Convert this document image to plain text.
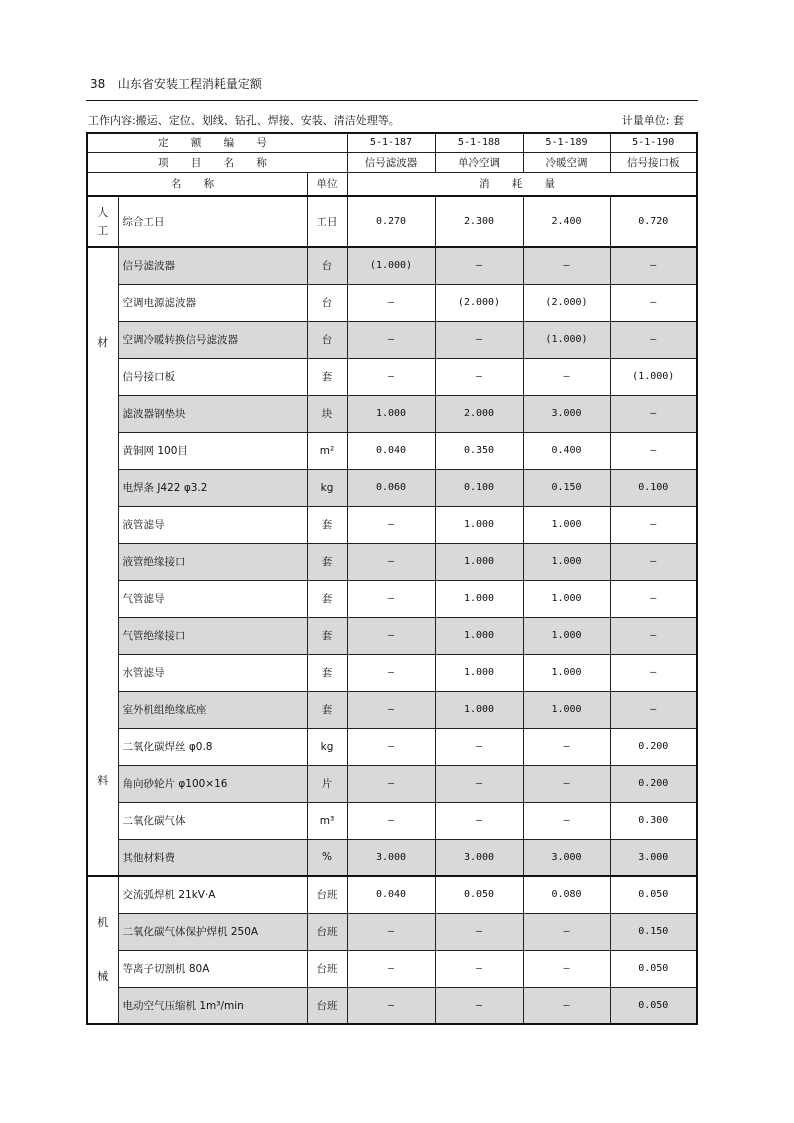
38 山东省安装工程消耗量定额
工作内容:搬运、定位、划线、钻孔、焊接、安装、清洁处理等。	计量单位: 套
定 额 编 号			5-1-187	5-1-188	5-1-189	5-1-190
项 目 名 称			信号滤波器	单冷空调	冷暖空调	信号接口板
名 称		单位	消 耗 量			

人工	综合工日	工日	0.270	2.300	2.400	0.720

材
料	信号滤波器	台	(1.000)	—	—	—
	空调电源滤波器	台	—	(2.000)	(2.000)	—
	空调冷暖转换信号滤波器	台	—	—	(1.000)	—
	信号接口板	套	—	—	—	(1.000)
	滤波器钢垫块	块	1.000	2.000	3.000	—
	黄铜网 100目	m²	0.040	0.350	0.400	—
	电焊条 J422 φ3.2	kg	0.060	0.100	0.150	0.100
	液管滤导	套	—	1.000	1.000	—
	液管绝缘接口	套	—	1.000	1.000	—
	气管滤导	套	—	1.000	1.000	—
	气管绝缘接口	套	—	1.000	1.000	—
	水管滤导	套	—	1.000	1.000	—
	室外机组绝缘底座	套	—	1.000	1.000	—
	二氧化碳焊丝 φ0.8	kg	—	—	—	0.200
	角向砂轮片 φ100×16	片	—	—	—	0.200
	二氧化碳气体	m³	—	—	—	0.300
	其他材料费	%	3.000	3.000	3.000	3.000

机
械	交流弧焊机 21kV·A	台班	0.040	0.050	0.080	0.050
	二氧化碳气体保护焊机 250A	台班	—	—	—	0.150
	等离子切割机 80A	台班	—	—	—	0.050
	电动空气压缩机 1m³/min	台班	—	—	—	0.050
